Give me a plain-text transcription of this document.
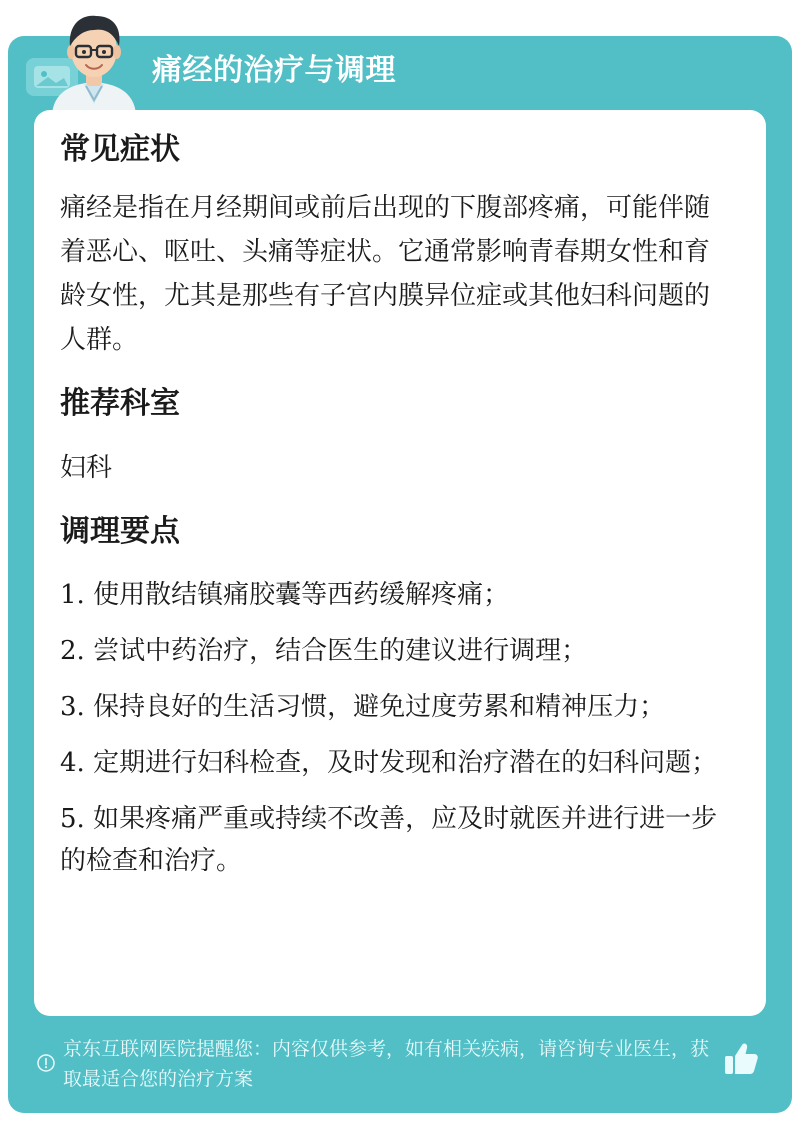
痛经的治疗与调理
常见症状

痛经是指在月经期间或前后出现的下腹部疼痛，可能伴随着恶心、呕吐、头痛等症状。它通常影响青春期女性和育龄女性，尤其是那些有子宫内膜异位症或其他妇科问题的人群。

推荐科室

妇科

调理要点

1. 使用散结镇痛胶囊等西药缓解疼痛；

2. 尝试中药治疗，结合医生的建议进行调理；

3. 保持良好的生活习惯，避免过度劳累和精神压力；

4. 定期进行妇科检查，及时发现和治疗潜在的妇科问题；

5. 如果疼痛严重或持续不改善，应及时就医并进行进一步的检查和治疗。

京东互联网医院提醒您：内容仅供参考，如有相关疾病，请咨询专业医生，获取最适合您的治疗方案
